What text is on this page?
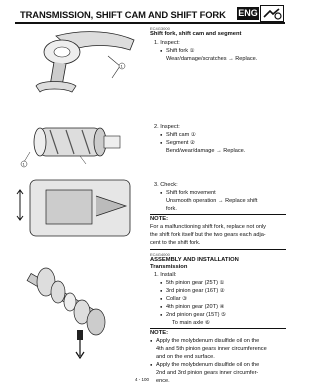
TRANSMISSION, SHIFT CAM AND SHIFT FORK ENG
1
1
EC4G3000
Shift fork, shift cam and segment
1. Inspect:
● Shift fork ①
Wear/damage/scratches → Replace.
2. Inspect:
● Shift cam ①
● Segment ②
Bend/wear/damage → Replace.
3. Check:
● Shift fork movement
Unsmooth operation → Replace shift
fork.
NOTE:
For a malfunctioning shift fork, replace not only
the shift fork itself but the two gears each adja-
cent to the shift fork.
EC4G4000
ASSEMBLY AND INSTALLATION
Transmission
1. Install:
● 5th pinion gear (25T) ①
● 3rd pinion gear (16T) ②
● Collar ③
● 4th pinion gear (20T) ④
● 2nd pinion gear (15T) ⑤
To main axle ⑥
NOTE:
● Apply the molybdenum disulfide oil on the
4th and 5th pinion gears inner circumference
and on the end surface.
● Apply the molybdenum disulfide oil on the
2nd and 3rd pinion gears inner circumfer-
ence.
4 - 100
